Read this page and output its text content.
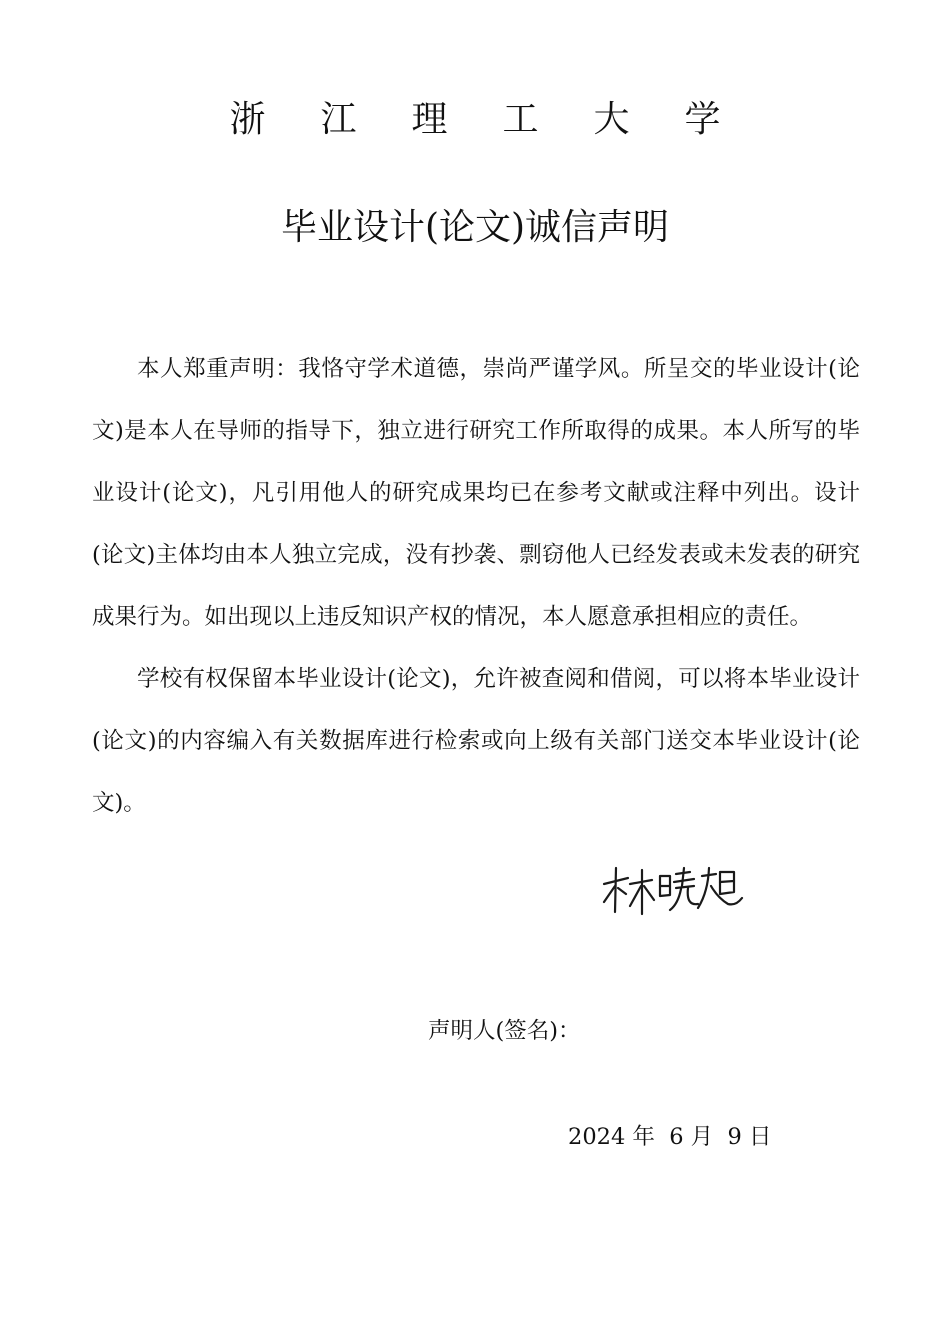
浙江理工大学
毕业设计(论文)诚信声明

本人郑重声明：我恪守学术道德，崇尚严谨学风。所呈交的毕业设计(论文)是本人在导师的指导下，独立进行研究工作所取得的成果。本人所写的毕业设计(论文)，凡引用他人的研究成果均已在参考文献或注释中列出。设计(论文)主体均由本人独立完成，没有抄袭、剽窃他人已经发表或未发表的研究成果行为。如出现以上违反知识产权的情况，本人愿意承担相应的责任。

学校有权保留本毕业设计(论文)，允许被查阅和借阅，可以将本毕业设计(论文)的内容编入有关数据库进行检索或向上级有关部门送交本毕业设计(论文)。

声明人(签名)：
2024 年  6 月  9 日
